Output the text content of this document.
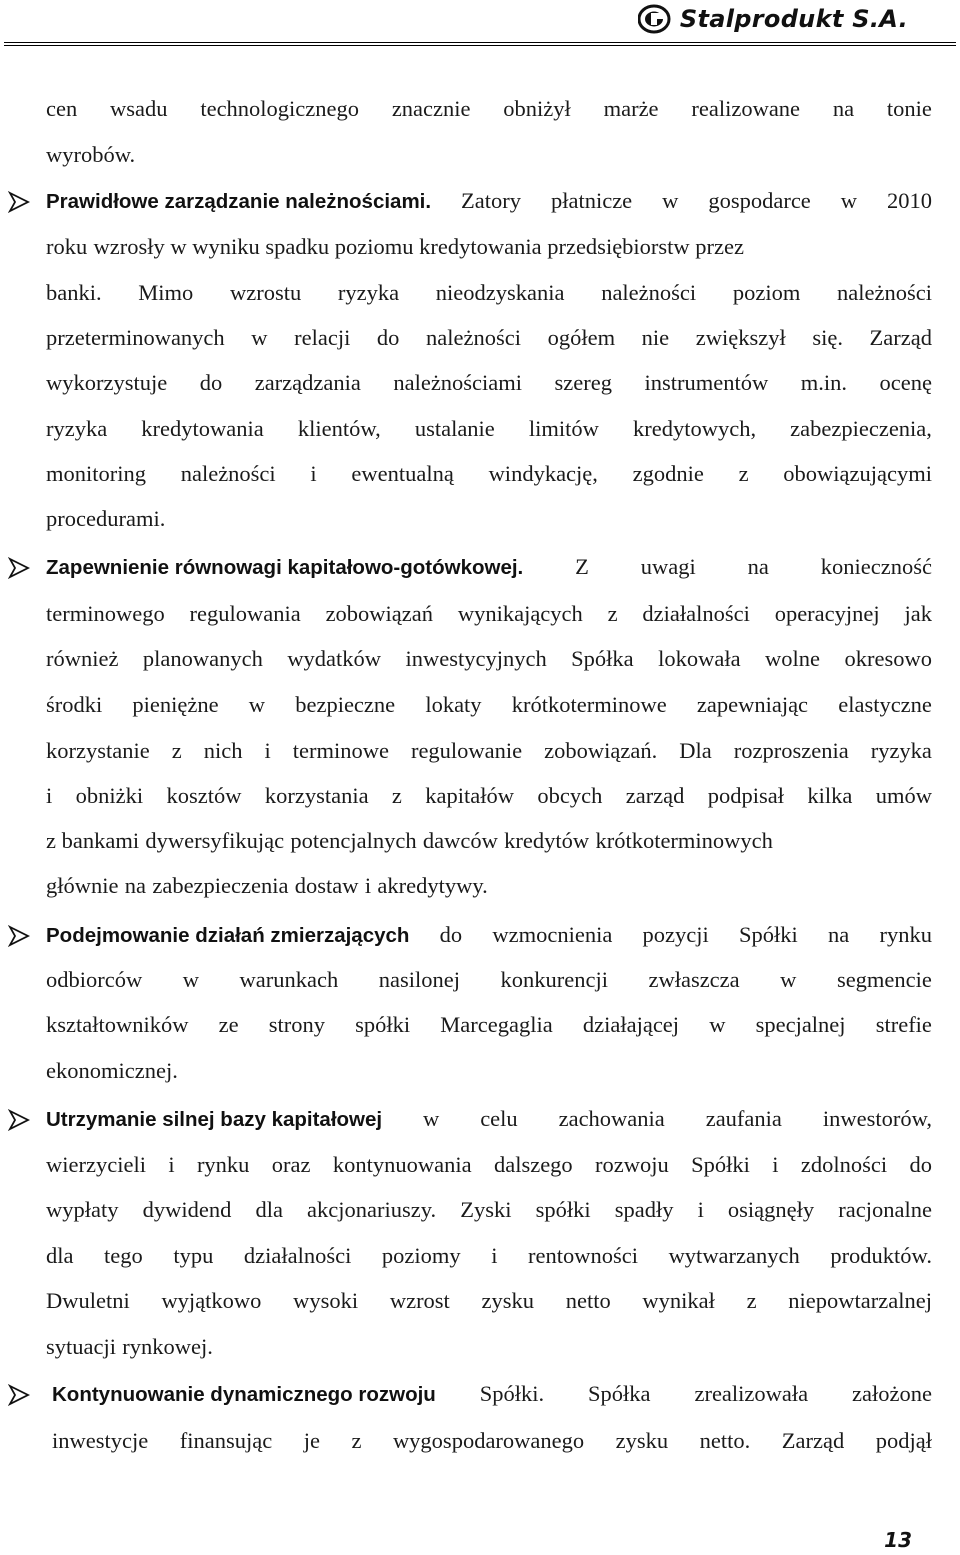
Stalprodukt S.A.
cen wsadu technologicznego znacznie obniżył marże realizowane na tonie
wyrobów.
Prawidłowe zarządzanie należnościami. Zatory płatnicze w gospodarce w 2010
roku wzrosły w wyniku spadku poziomu kredytowania przedsiębiorstw przez
banki. Mimo wzrostu ryzyka nieodzyskania należności poziom należności
przeterminowanych w relacji do należności ogółem nie zwiększył się. Zarząd
wykorzystuje do zarządzania należnościami szereg instrumentów m.in. ocenę
ryzyka kredytowania klientów, ustalanie limitów kredytowych, zabezpieczenia,
monitoring należności i ewentualną windykację, zgodnie z obowiązującymi
procedurami.
Zapewnienie równowagi kapitałowo-gotówkowej. Z uwagi na konieczność
terminowego regulowania zobowiązań wynikających z działalności operacyjnej jak
również planowanych wydatków inwestycyjnych Spółka lokowała wolne okresowo
środki pieniężne w bezpieczne lokaty krótkoterminowe zapewniając elastyczne
korzystanie z nich i terminowe regulowanie zobowiązań. Dla rozproszenia ryzyka
i obniżki kosztów korzystania z kapitałów obcych zarząd podpisał kilka umów
z bankami dywersyfikując potencjalnych dawców kredytów krótkoterminowych
głównie na zabezpieczenia dostaw i akredytywy.
Podejmowanie działań zmierzających do wzmocnienia pozycji Spółki na rynku
odbiorców w warunkach nasilonej konkurencji zwłaszcza w segmencie
kształtowników ze strony spółki Marcegaglia działającej w specjalnej strefie
ekonomicznej.
Utrzymanie silnej bazy kapitałowej w celu zachowania zaufania inwestorów,
wierzycieli i rynku oraz kontynuowania dalszego rozwoju Spółki i zdolności do
wypłaty dywidend dla akcjonariuszy. Zyski spółki spadły i osiągnęły racjonalne
dla tego typu działalności poziomy i rentowności wytwarzanych produktów.
Dwuletni wyjątkowo wysoki wzrost zysku netto wynikał z niepowtarzalnej
sytuacji rynkowej.
Kontynuowanie dynamicznego rozwoju Spółki. Spółka zrealizowała założone
inwestycje finansując je z wygospodarowanego zysku netto. Zarząd podjął
13
